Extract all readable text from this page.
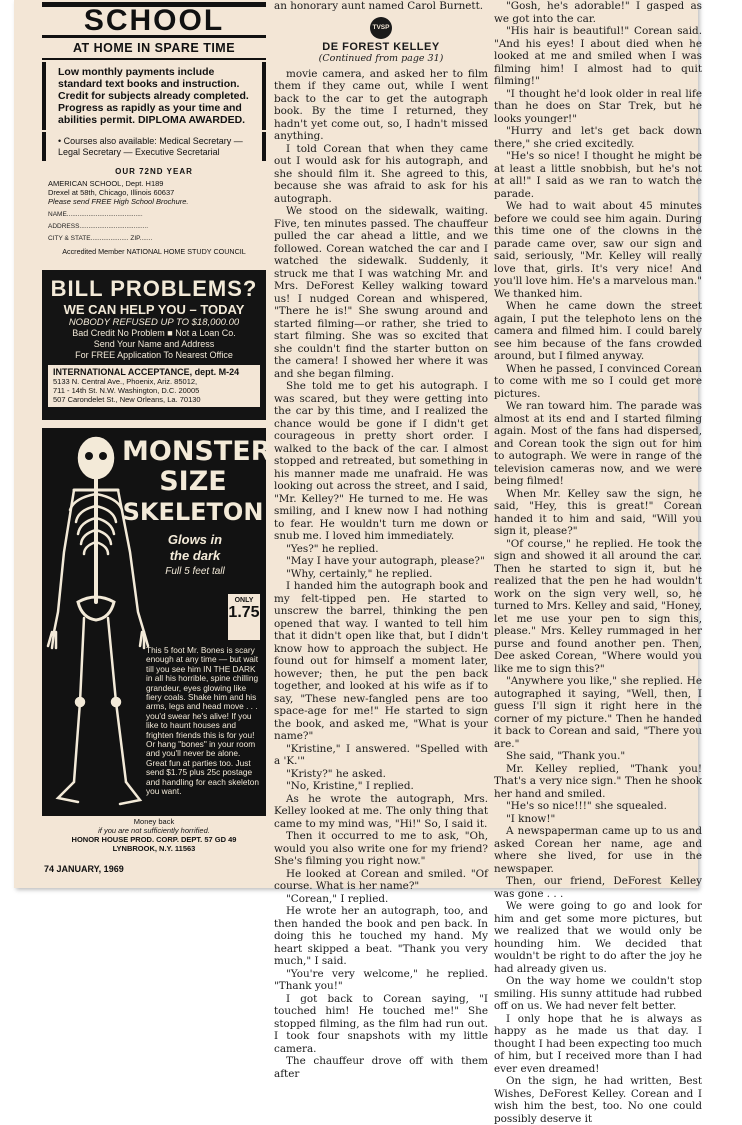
SCHOOL
AT HOME IN SPARE TIME
Low monthly payments include standard text books and instruction. Credit for subjects already completed. Progress as rapidly as your time and abilities permit. DIPLOMA AWARDED.
• Courses also available: Medical Secretary — Legal Secretary — Executive Secretarial
OUR 72ND YEAR
AMERICAN SCHOOL, Dept. H189
Drexel at 58th, Chicago, Illinois 60637
Please send FREE High School Brochure.
NAME..........................................
ADDRESS......................................
CITY & STATE..................... ZIP.......
Accredited Member NATIONAL HOME STUDY COUNCIL
BILL PROBLEMS?
WE CAN HELP YOU – TODAY
NOBODY REFUSED UP TO $18,000.00
Bad Credit No Problem ■ Not a Loan Co.
Send Your Name and Address
For FREE Application To Nearest Office
INTERNATIONAL ACCEPTANCE, dept. M-24
5133 N. Central Ave., Phoenix, Ariz. 85012,
711 - 14th St. N.W. Washington, D.C. 20005
507 Carondelet St., New Orleans, La. 70130
MONSTER
SIZE
SKELETON
Glows in
the dark
Full 5 feet tall
ONLY
1.75
This 5 foot Mr. Bones is scary enough at any time — but wait till you see him IN THE DARK in all his horrible, spine chilling grandeur, eyes glowing like fiery coals. Shake him and his arms, legs and head move . . . you'd swear he's alive! If you like to haunt houses and frighten friends this is for you! Or hang "bones" in your room and you'll never be alone. Great fun at parties too. Just send $1.75 plus 25c postage and handling for each skeleton you want.
Money back
if you are not sufficiently horrified.
HONOR HOUSE PROD. CORP. DEPT. 57 GD 49
LYNBROOK, N.Y. 11563
74 JANUARY, 1969
an honorary aunt named Carol Burnett.
TVSP
DE FOREST KELLEY
(Continued from page 31)

movie camera, and asked her to film them if they came out, while I went back to the car to get the autograph book. By the time I returned, they hadn't yet come out, so, I hadn't missed anything.

I told Corean that when they came out I would ask for his autograph, and she should film it. She agreed to this, because she was afraid to ask for his autograph.

We stood on the sidewalk, waiting. Five, ten minutes passed. The chauffeur pulled the car ahead a little, and we followed. Corean watched the car and I watched the sidewalk. Suddenly, it struck me that I was watching Mr. and Mrs. DeForest Kelley walking toward us! I nudged Corean and whispered, "There he is!" She swung around and started filming—or rather, she tried to start filming. She was so excited that she couldn't find the starter button on the camera! I showed her where it was and she began filming.

She told me to get his autograph. I was scared, but they were getting into the car by this time, and I realized the chance would be gone if I didn't get courageous in pretty short order. I walked to the back of the car. I almost stopped and retreated, but something in his manner made me unafraid. He was looking out across the street, and I said, "Mr. Kelley?" He turned to me. He was smiling, and I knew now I had nothing to fear. He wouldn't turn me down or snub me. I loved him immediately.

"Yes?" he replied.

"May I have your autograph, please?"

"Why, certainly," he replied.

I handed him the autograph book and my felt-tipped pen. He started to unscrew the barrel, thinking the pen opened that way. I wanted to tell him that it didn't open like that, but I didn't know how to approach the subject. He found out for himself a moment later, however; then, he put the pen back together, and looked at his wife as if to say, "These new-fangled pens are too space-age for me!" He started to sign the book, and asked me, "What is your name?"

"Kristine," I answered. "Spelled with a 'K.'"

"Kristy?" he asked.

"No, Kristine," I replied.

As he wrote the autograph, Mrs. Kelley looked at me. The only thing that came to my mind was, "Hi!" So, I said it.

Then it occurred to me to ask, "Oh, would you also write one for my friend? She's filming you right now."

He looked at Corean and smiled. "Of course. What is her name?"

"Corean," I replied.

He wrote her an autograph, too, and then handed the book and pen back. In doing this he touched my hand. My heart skipped a beat. "Thank you very much," I said.

"You're very welcome," he replied. "Thank you!"

I got back to Corean saying, "I touched him! He touched me!" She stopped filming, as the film had run out. I took four snapshots with my little camera.

The chauffeur drove off with them after

"Gosh, he's adorable!" I gasped as we got into the car.

"His hair is beautiful!" Corean said. "And his eyes! I about died when he looked at me and smiled when I was filming him! I almost had to quit filming!"

"I thought he'd look older in real life than he does on Star Trek, but he looks younger!"

"Hurry and let's get back down there," she cried excitedly.

"He's so nice! I thought he might be at least a little snobbish, but he's not at all!" I said as we ran to watch the parade.

We had to wait about 45 minutes before we could see him again. During this time one of the clowns in the parade came over, saw our sign and said, seriously, "Mr. Kelley will really love that, girls. It's very nice! And you'll love him. He's a marvelous man." We thanked him.

When he came down the street again, I put the telephoto lens on the camera and filmed him. I could barely see him because of the fans crowded around, but I filmed anyway.

When he passed, I convinced Corean to come with me so I could get more pictures.

We ran toward him. The parade was almost at its end and I started filming again. Most of the fans had dispersed, and Corean took the sign out for him to autograph. We were in range of the television cameras now, and we were being filmed!

When Mr. Kelley saw the sign, he said, "Hey, this is great!" Corean handed it to him and said, "Will you sign it, please?"

"Of course," he replied. He took the sign and showed it all around the car. Then he started to sign it, but he realized that the pen he had wouldn't work on the sign very well, so, he turned to Mrs. Kelley and said, "Honey, let me use your pen to sign this, please." Mrs. Kelley rummaged in her purse and found another pen. Then, Dee asked Corean, "Where would you like me to sign this?"

"Anywhere you like," she replied. He autographed it saying, "Well, then, I guess I'll sign it right here in the corner of my picture." Then he handed it back to Corean and said, "There you are."

She said, "Thank you."

Mr. Kelley replied, "Thank you! That's a very nice sign." Then he shook her hand and smiled.

"He's so nice!!!" she squealed.

"I know!"

A newspaperman came up to us and asked Corean her name, age and where she lived, for use in the newspaper.

Then, our friend, DeForest Kelley was gone . . .

We were going to go and look for him and get some more pictures, but we realized that we would only be hounding him. We decided that wouldn't be right to do after the joy he had already given us.

On the way home we couldn't stop smiling. His sunny attitude had rubbed off on us. We had never felt better.

I only hope that he is always as happy as he made us that day. I thought I had been expecting too much of him, but I received more than I had ever even dreamed!

On the sign, he had written, Best Wishes, DeForest Kelley. Corean and I wish him the best, too. No one could possibly deserve it
